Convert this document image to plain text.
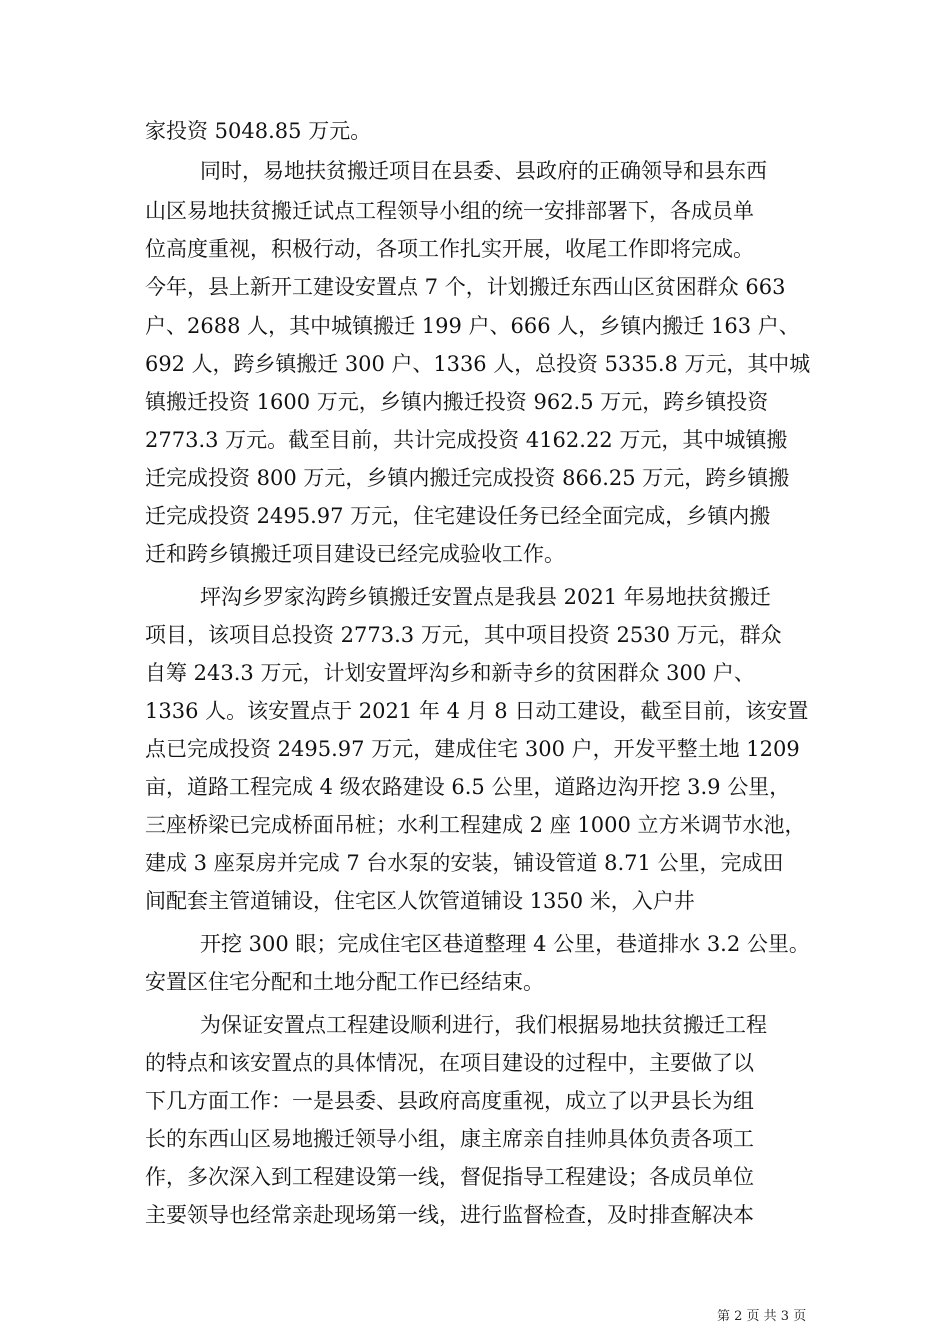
家投资 5048.85 万元。
同时，易地扶贫搬迁项目在县委、县政府的正确领导和县东西
山区易地扶贫搬迁试点工程领导小组的统一安排部署下，各成员单
位高度重视，积极行动，各项工作扎实开展，收尾工作即将完成。
今年，县上新开工建设安置点 7 个，计划搬迁东西山区贫困群众 663
户、2688 人，其中城镇搬迁 199 户、666 人，乡镇内搬迁 163 户、
692 人，跨乡镇搬迁 300 户、1336 人，总投资 5335.8 万元，其中城
镇搬迁投资 1600 万元，乡镇内搬迁投资 962.5 万元，跨乡镇投资
2773.3 万元。截至目前，共计完成投资 4162.22 万元，其中城镇搬
迁完成投资 800 万元，乡镇内搬迁完成投资 866.25 万元，跨乡镇搬
迁完成投资 2495.97 万元，住宅建设任务已经全面完成，乡镇内搬
迁和跨乡镇搬迁项目建设已经完成验收工作。
坪沟乡罗家沟跨乡镇搬迁安置点是我县 2021 年易地扶贫搬迁
项目，该项目总投资 2773.3 万元，其中项目投资 2530 万元，群众
自筹 243.3 万元，计划安置坪沟乡和新寺乡的贫困群众 300 户、
1336 人。该安置点于 2021 年 4 月 8 日动工建设，截至目前，该安置
点已完成投资 2495.97 万元，建成住宅 300 户，开发平整土地 1209
亩，道路工程完成 4 级农路建设 6.5 公里，道路边沟开挖 3.9 公里，
三座桥梁已完成桥面吊桩；水利工程建成 2 座 1000 立方米调节水池，
建成 3 座泵房并完成 7 台水泵的安装，铺设管道 8.71 公里，完成田
间配套主管道铺设，住宅区人饮管道铺设 1350 米，入户井
开挖 300 眼；完成住宅区巷道整理 4 公里，巷道排水 3.2 公里。
安置区住宅分配和土地分配工作已经结束。
为保证安置点工程建设顺利进行，我们根据易地扶贫搬迁工程
的特点和该安置点的具体情况，在项目建设的过程中，主要做了以
下几方面工作：一是县委、县政府高度重视，成立了以尹县长为组
长的东西山区易地搬迁领导小组，康主席亲自挂帅具体负责各项工
作，多次深入到工程建设第一线，督促指导工程建设；各成员单位
主要领导也经常亲赴现场第一线，进行监督检查，及时排查解决本
第 2 页 共 3 页
